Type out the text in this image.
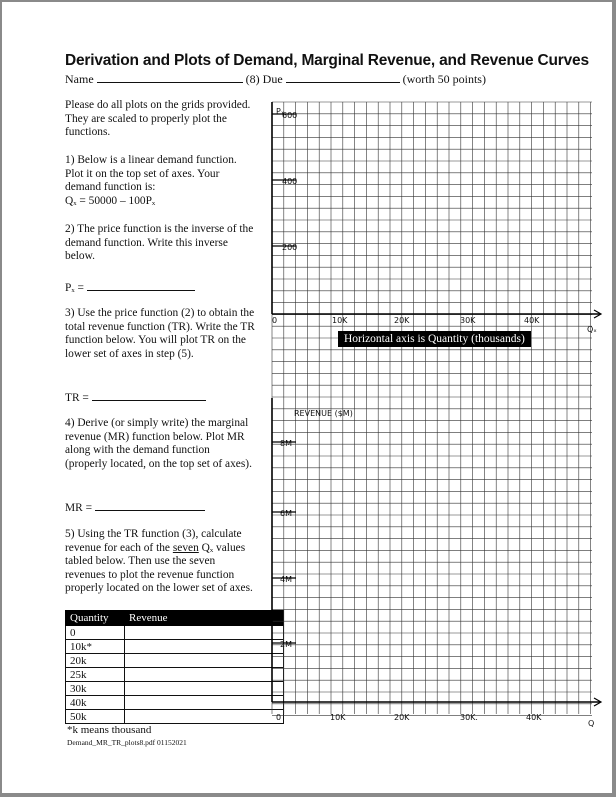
Derivation and Plots of Demand, Marginal Revenue, and Revenue Curves
Name	(8) Due	(worth 50 points)

Please do all plots on the grids provided. They are scaled to properly plot the functions.

1) Below is a linear demand function. Plot it on the top set of axes. Your demand function is:

Qₓ = 50000 – 100Pₓ

2) The price function is the inverse of the demand function. Write this inverse below.

Pₓ =

3) Use the price function (2) to obtain the total revenue function (TR). Write the TR function below. You will plot TR on the lower set of axes in step (5).

TR =

4) Derive (or simply write) the marginal revenue (MR) function below. Plot MR along with the demand function (properly located, on the top set of axes).

MR =

5) Using the TR function (3), calculate revenue for each of the seven Qₓ values tabled below. Then use the seven revenues to plot the revenue function properly located on the lower set of axes.

Quantity	Revenue
0	
10k*	
20k	
25k	
30k	
40k	
50k	
*k means thousand
Demand_MR_TR_plots8.pdf 01152021
Pₓ
600
400
200
0	10K	20K	30K	40K
Qₓ
REVENUE ($M)
8M
6M
4M
2M
0	10K	20K	30K.	40K
Q
Horizontal axis is Quantity (thousands)
